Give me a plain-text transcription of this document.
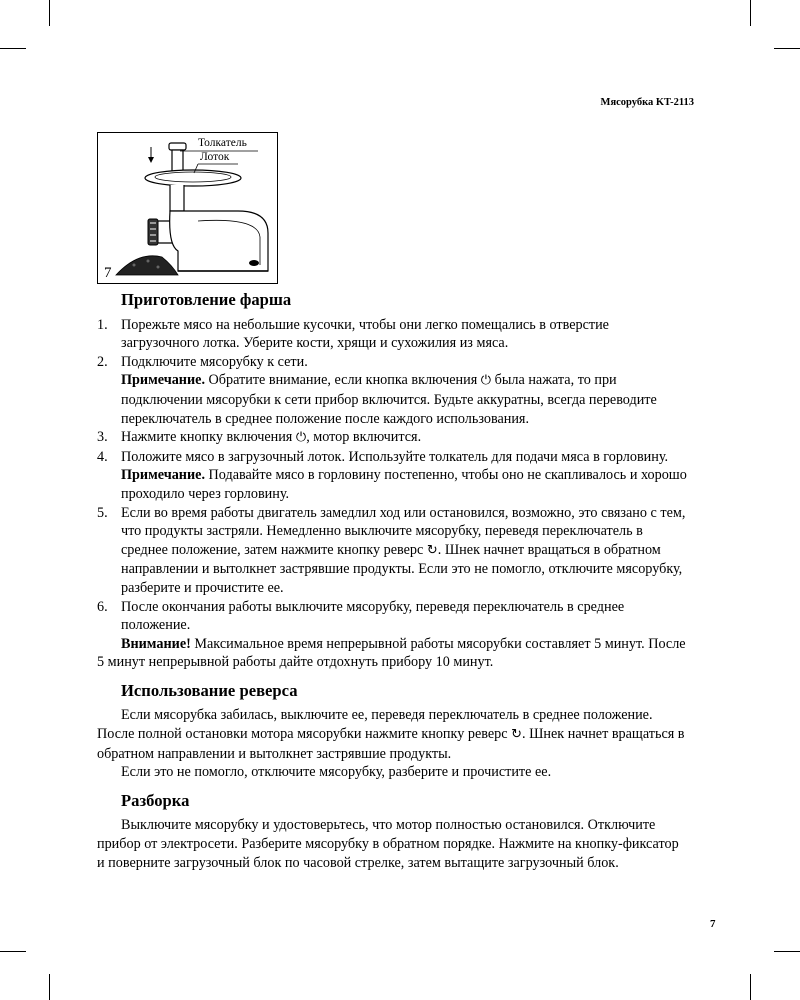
Мясорубка KT-2113
Толкатель
Лоток
7
Приготовление фарша
1. Порежьте мясо на небольшие кусочки, чтобы они легко помещались в отверстие загрузочного лотка. Уберите кости, хрящи и сухожилия из мяса.
2. Подключите мясорубку к сети.
Примечание. Обратите внимание, если кнопка включения ⏻ была нажата, то при подключении мясорубки к сети прибор включится. Будьте аккуратны, всегда переводите переключатель в среднее положение после каждого использования.
3. Нажмите кнопку включения ⏻, мотор включится.
4. Положите мясо в загрузочный лоток. Используйте толкатель для подачи мяса в горловину.
Примечание. Подавайте мясо в горловину постепенно, чтобы оно не скапливалось и хорошо проходило через горловину.
5. Если во время работы двигатель замедлил ход или остановился, возможно, это связано с тем, что продукты застряли. Немедленно выключите мясорубку, переведя переключатель в среднее положение, затем нажмите кнопку реверс ↻. Шнек начнет вращаться в обратном направлении и вытолкнет застрявшие продукты. Если это не помогло, отключите мясорубку, разберите и прочистите ее.
6. После окончания работы выключите мясорубку, переведя переключатель в среднее положение.

Внимание! Максимальное время непрерывной работы мясорубки составляет 5 минут. После 5 минут непрерывной работы дайте отдохнуть прибору 10 минут.

Использование реверса

Если мясорубка забилась, выключите ее, переведя переключатель в среднее положение. После полной остановки мотора мясорубки нажмите кнопку реверс ↻. Шнек начнет вращаться в обратном направлении и вытолкнет застрявшие продукты.

Если это не помогло, отключите мясорубку, разберите и прочистите ее.

Разборка

Выключите мясорубку и удостоверьтесь, что мотор полностью остановился. Отключите прибор от электросети. Разберите мясорубку в обратном порядке. Нажмите на кнопку-фиксатор и поверните загрузочный блок по часовой стрелке, затем вытащите загрузочный блок.

7
